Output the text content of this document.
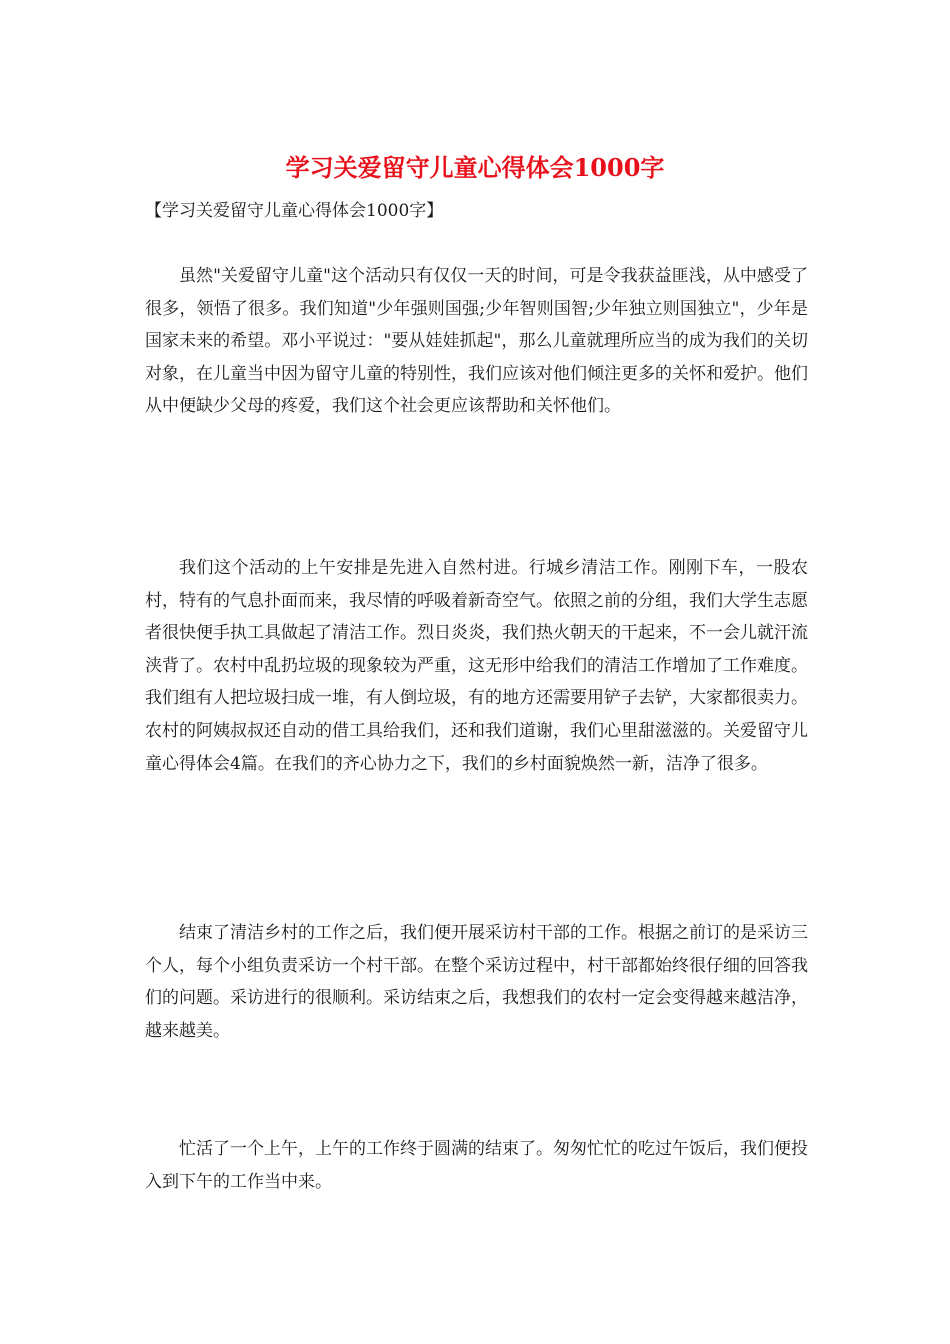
学习关爱留守儿童心得体会1000字

【学习关爱留守儿童心得体会1000字】

虽然"关爱留守儿童"这个活动只有仅仅一天的时间，可是令我获益匪浅，从中感受了很多，领悟了很多。我们知道"少年强则国强;少年智则国智;少年独立则国独立"，少年是国家未来的希望。邓小平说过："要从娃娃抓起"，那么儿童就理所应当的成为我们的关切对象，在儿童当中因为留守儿童的特别性，我们应该对他们倾注更多的关怀和爱护。他们从中便缺少父母的疼爱，我们这个社会更应该帮助和关怀他们。

我们这个活动的上午安排是先进入自然村进。行城乡清洁工作。刚刚下车，一股农村，特有的气息扑面而来，我尽情的呼吸着新奇空气。依照之前的分组，我们大学生志愿者很快便手执工具做起了清洁工作。烈日炎炎，我们热火朝天的干起来，不一会儿就汗流浃背了。农村中乱扔垃圾的现象较为严重，这无形中给我们的清洁工作增加了工作难度。我们组有人把垃圾扫成一堆，有人倒垃圾，有的地方还需要用铲子去铲，大家都很卖力。农村的阿姨叔叔还自动的借工具给我们，还和我们道谢，我们心里甜滋滋的。关爱留守儿童心得体会4篇。在我们的齐心协力之下，我们的乡村面貌焕然一新，洁净了很多。

结束了清洁乡村的工作之后，我们便开展采访村干部的工作。根据之前订的是采访三个人，每个小组负责采访一个村干部。在整个采访过程中，村干部都始终很仔细的回答我们的问题。采访进行的很顺利。采访结束之后，我想我们的农村一定会变得越来越洁净，越来越美。

忙活了一个上午，上午的工作终于圆满的结束了。匆匆忙忙的吃过午饭后，我们便投入到下午的工作当中来。
